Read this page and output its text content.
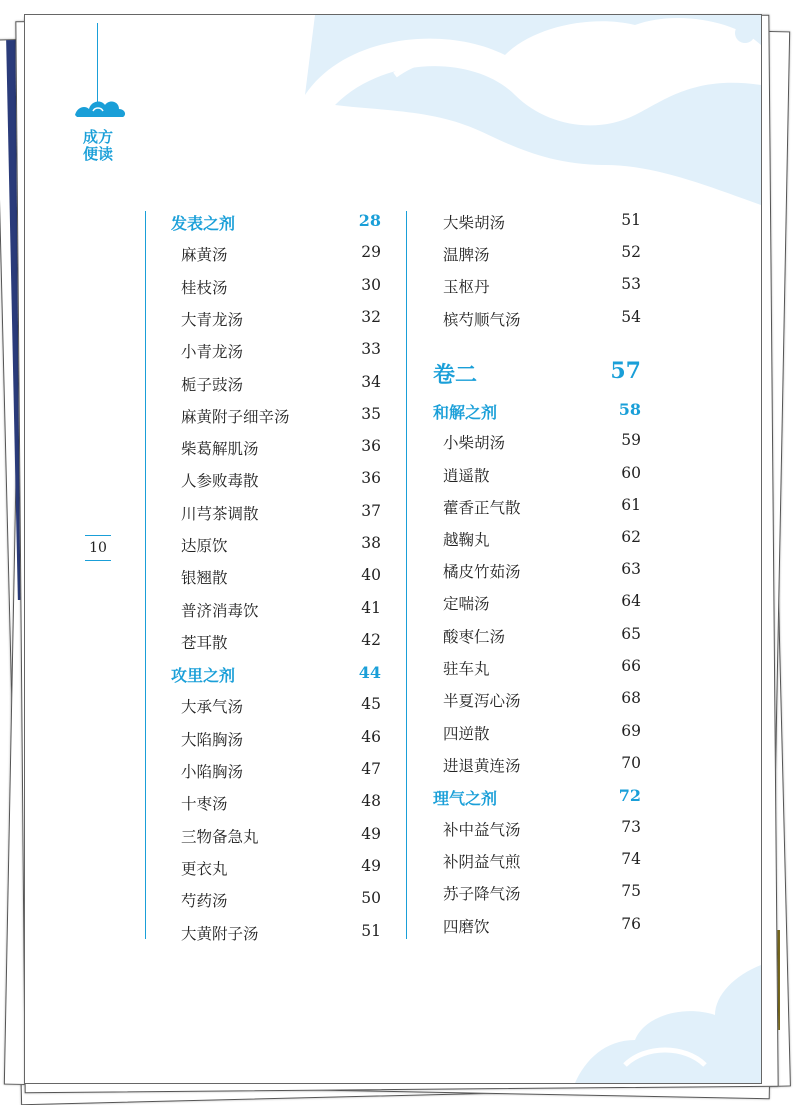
成方便读
10
发表之剂	28
麻黄汤	29
桂枝汤	30
大青龙汤	32
小青龙汤	33
栀子豉汤	34
麻黄附子细辛汤	35
柴葛解肌汤	36
人参败毒散	36
川芎茶调散	37
达原饮	38
银翘散	40
普济消毒饮	41
苍耳散	42
攻里之剂	44
大承气汤	45
大陷胸汤	46
小陷胸汤	47
十枣汤	48
三物备急丸	49
更衣丸	49
芍药汤	50
大黄附子汤	51
大柴胡汤	51
温脾汤	52
玉枢丹	53
槟芍顺气汤	54
卷二	57
和解之剂	58
小柴胡汤	59
逍遥散	60
藿香正气散	61
越鞠丸	62
橘皮竹茹汤	63
定喘汤	64
酸枣仁汤	65
驻车丸	66
半夏泻心汤	68
四逆散	69
进退黄连汤	70
理气之剂	72
补中益气汤	73
补阴益气煎	74
苏子降气汤	75
四磨饮	76
